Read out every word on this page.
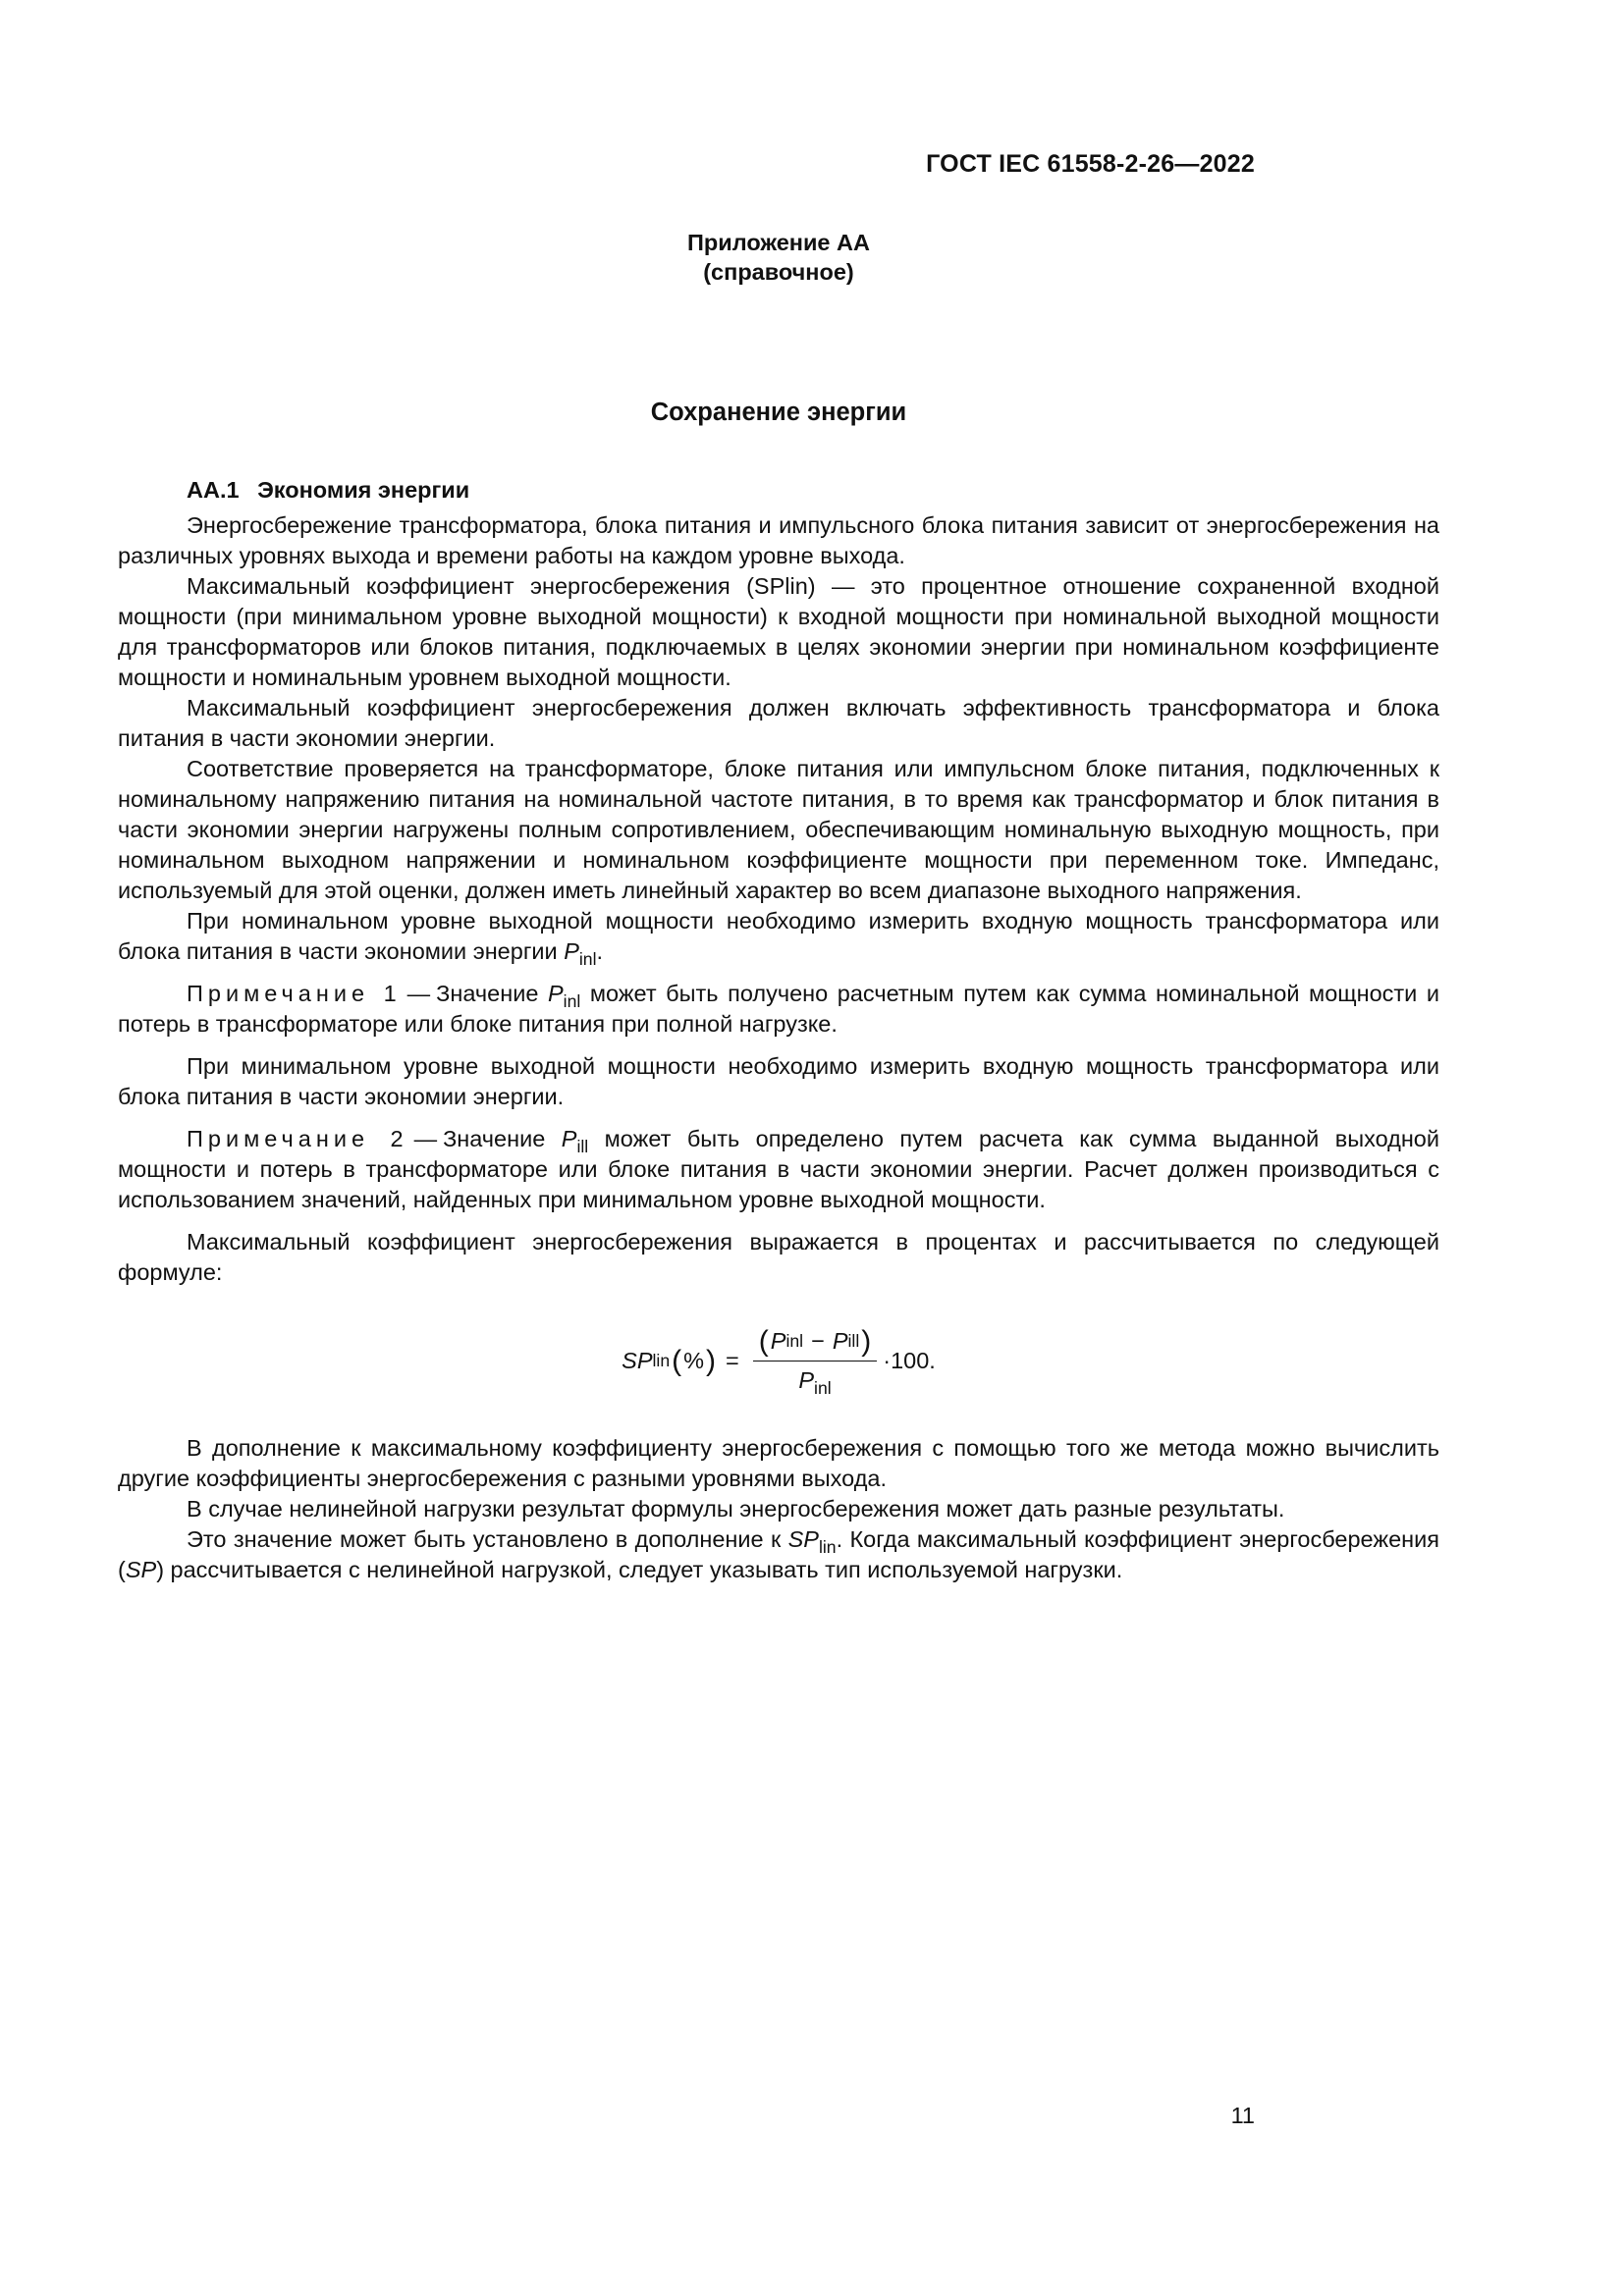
ГОСТ IEC 61558-2-26—2022
Приложение АА
(справочное)
Сохранение энергии
АА.1 Экономия энергии

Энергосбережение трансформатора, блока питания и импульсного блока питания зависит от энергосбережения на различных уровнях выхода и времени работы на каждом уровне выхода.

Максимальный коэффициент энергосбережения (SPlin) — это процентное отношение сохраненной входной мощности (при минимальном уровне выходной мощности) к входной мощности при номинальной выходной мощности для трансформаторов или блоков питания, подключаемых в целях экономии энергии при номинальном коэффициенте мощности и номинальным уровнем выходной мощности.

Максимальный коэффициент энергосбережения должен включать эффективность трансформатора и блока питания в части экономии энергии.

Соответствие проверяется на трансформаторе, блоке питания или импульсном блоке питания, подключенных к номинальному напряжению питания на номинальной частоте питания, в то время как трансформатор и блок питания в части экономии энергии нагружены полным сопротивлением, обеспечивающим номинальную выходную мощность, при номинальном выходном напряжении и номинальном коэффициенте мощности при переменном токе. Импеданс, используемый для этой оценки, должен иметь линейный характер во всем диапазоне выходного напряжения.

При номинальном уровне выходной мощности необходимо измерить входную мощность трансформатора или блока питания в части экономии энергии $P_{inl}$.

Примечание 1 — Значение $P_{inl}$ может быть получено расчетным путем как сумма номинальной мощности и потерь в трансформаторе или блоке питания при полной нагрузке.

При минимальном уровне выходной мощности необходимо измерить входную мощность трансформатора или блока питания в части экономии энергии.

Примечание 2 — Значение $P_{ill}$ может быть определено путем расчета как сумма выданной выходной мощности и потерь в трансформаторе или блоке питания в части экономии энергии. Расчет должен производиться с использованием значений, найденных при минимальном уровне выходной мощности.

Максимальный коэффициент энергосбережения выражается в процентах и рассчитывается по следующей формуле:

SP lin ( % ) =
( P inl − P ill )
$P_{inl}$
· 100.

В дополнение к максимальному коэффициенту энергосбережения с помощью того же метода можно вычислить другие коэффициенты энергосбережения с разными уровнями выхода.

В случае нелинейной нагрузки результат формулы энергосбережения может дать разные результаты.

Это значение может быть установлено в дополнение к $SP_{lin}$. Когда максимальный коэффициент энергосбережения (SP) рассчитывается с нелинейной нагрузкой, следует указывать тип используемой нагрузки.

11
